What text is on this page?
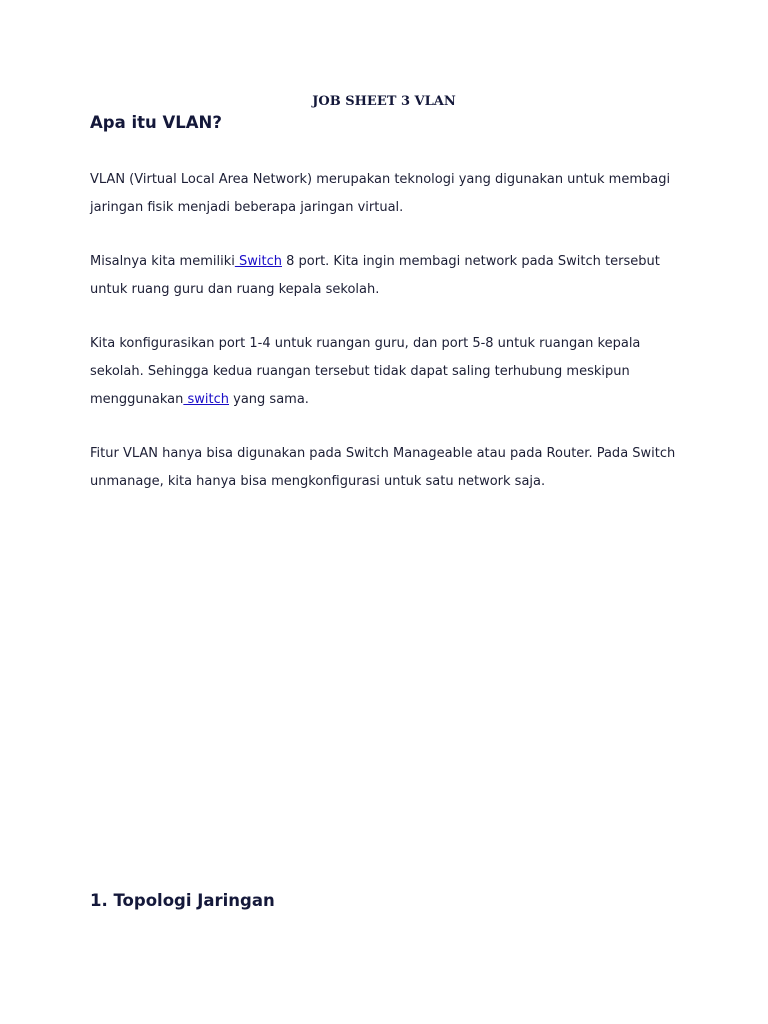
JOB SHEET 3 VLAN
Apa itu VLAN?

VLAN (Virtual Local Area Network) merupakan teknologi yang digunakan untuk membagi jaringan fisik menjadi beberapa jaringan virtual.

Misalnya kita memiliki Switch 8 port. Kita ingin membagi network pada Switch tersebut untuk ruang guru dan ruang kepala sekolah.

Kita konfigurasikan port 1-4 untuk ruangan guru, dan port 5-8 untuk ruangan kepala sekolah. Sehingga kedua ruangan tersebut tidak dapat saling terhubung meskipun menggunakan switch yang sama.

Fitur VLAN hanya bisa digunakan pada Switch Manageable atau pada Router. Pada Switch unmanage, kita hanya bisa mengkonfigurasi untuk satu network saja.

1. Topologi Jaringan
